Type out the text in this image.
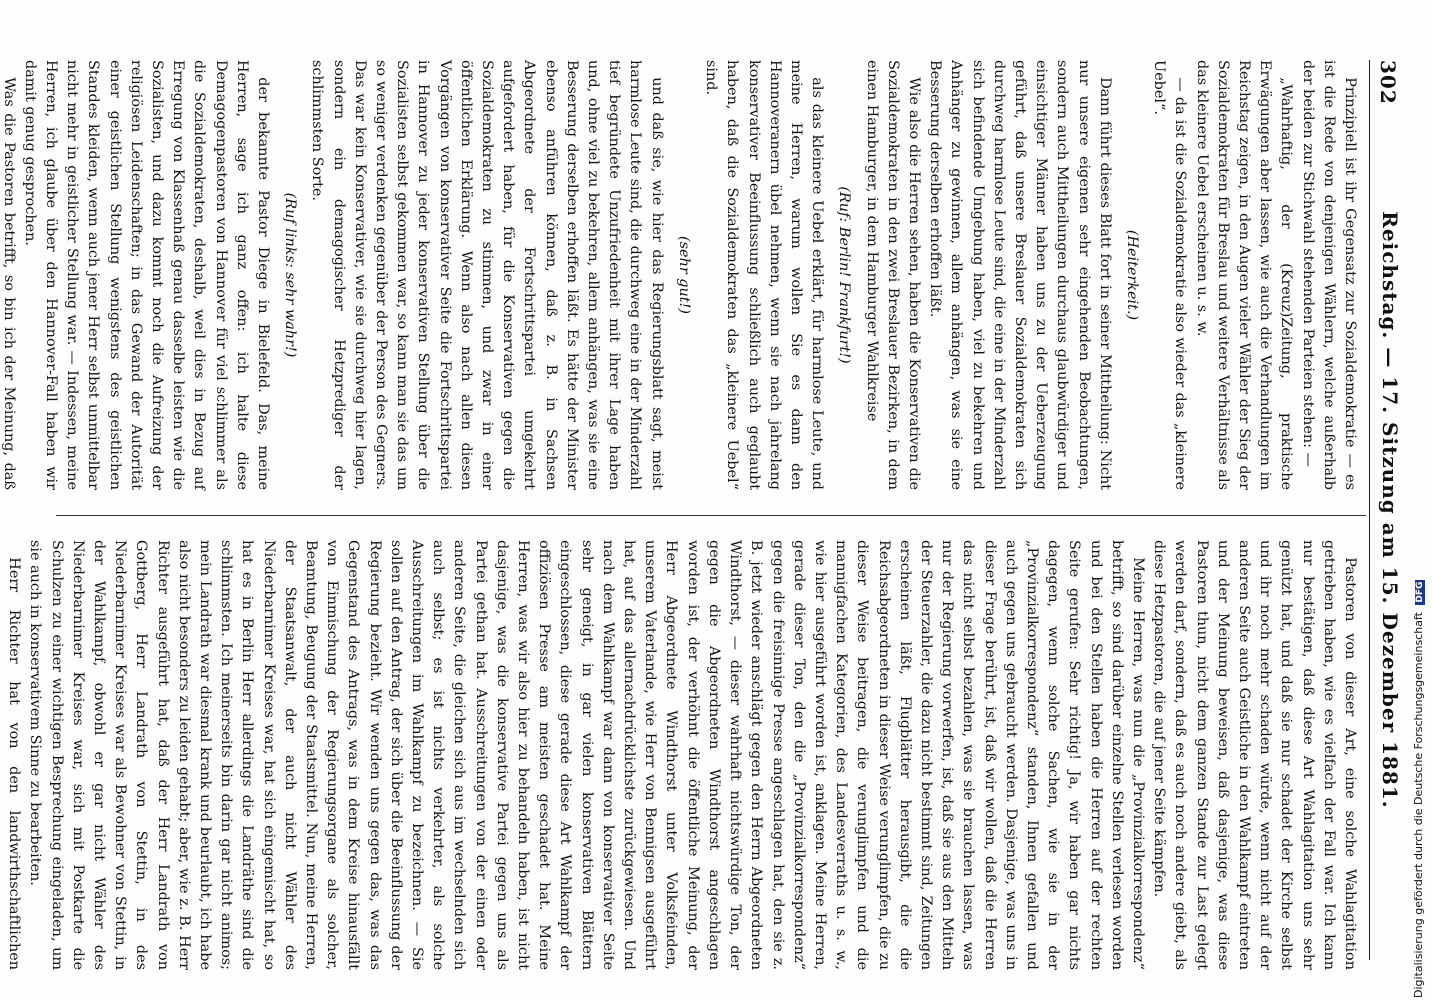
302
Reichstag. — 17. Sitzung am 15. Dezember 1881.

Prinzipiell ist ihr Gegensatz zur Sozialdemokratie — es ist die Rede von denjenigen Wählern, welche außerhalb der beiden zur Stichwahl stehenden Parteien stehen: —

„Wahrhaftig, der (Kreuz)Zeitung, praktische Erwägungen aber lassen, wie auch die Verhandlungen im Reichstag zeigen, in den Augen vieler Wähler der Sieg der Sozialdemokraten für Breslau und weitere Verhältnisse als das kleinere Uebel erscheinen u. s. w.

— da ist die Sozialdemokratie also wieder das „kleinere Uebel“.

(Heiterkeit.)

Dann führt dieses Blatt fort in seiner Mittheilung: Nicht nur unsere eigenen sehr eingehenden Beobachtungen, sondern auch Mittheilungen durchaus glaubwürdiger und einsichtiger Männer haben uns zu der Ueberzeugung geführt, daß unsere Breslauer Sozialdemokraten sich durchweg harmlose Leute sind, die eine in der Minderzahl sich befindende Umgebung haben, viel zu bekehren und Anhänger zu gewinnen, allem anhängen, was sie eine Besserung derselben erhoffen läßt.

Wie also die Herren sehen, haben die Konservativen die Sozialdemokraten in den zwei Breslauer Bezirken, in dem einen Hamburger, in dem Hamburger Wahlkreise

(Ruf: Berlin! Frankfurt!)

als das kleinere Uebel erklärt, für harmlose Leute, und meine Herren, warum wollen Sie es dann den Hannoveranern übel nehmen, wenn sie nach jahrelang konservativer Beeinflussung schließlich auch geglaubt haben, daß die Sozialdemokraten das „kleinere Uebel“ sind.

(sehr gut!)

und daß sie, wie hier das Regierungsblatt sagt, meist harmlose Leute sind, die durchweg eine in der Minderzahl tief begründete Unzufriedenheit mit ihrer Lage haben und, ohne viel zu bekehren, allem anhängen, was sie eine Besserung derselben erhoffen läßt. Es hätte der Minister ebenso anführen können, daß z. B. in Sachsen Abgeordnete der Fortschrittspartei umgekehrt aufgefordert haben, für die Konservativen gegen die Sozialdemokraten zu stimmen, und zwar in einer öffentlichen Erklärung. Wenn also nach allen diesen Vorgängen von konservativer Seite die Fortschrittspartei in Hannover zu jeder konservativen Stellung über die Sozialisten selbst gekommen war, so kann man sie das um so weniger verdenken gegenüber der Person des Gegners. Das war kein Konservativer, wie sie durchweg hier lagen, sondern ein demagogischer Hetzprediger der schlimmsten Sorte.

(Ruf links: sehr wahr!)

der bekannte Pastor Diege in Bielefeld. Das, meine Herren, sage ich ganz offen: ich halte diese Demagogenpastoren von Hannover für viel schlimmer als die Sozialdemokraten, deshalb, weil dies in Bezug auf Erregung von Klassenhaß genau dasselbe leisten wie die Sozialisten, und dazu kommt noch die Aufreizung der religiösen Leidenschaften; in das Gewand der Autorität einer geistlichen Stellung wenigstens des geistlichen Standes kleiden, wenn auch jener Herr selbst unmittelbar nicht mehr in geistlicher Stellung war. — Indessen, meine Herren, ich glaube über den Hannover-Fall haben wir damit genug gesprochen.

Was die Pastoren betrifft, so bin ich der Meinung, daß

Pastoren von dieser Art, eine solche Wahlagitation getrieben haben, wie es vielfach der Fall war. Ich kann nur bestätigen, daß diese Art Wahlagitation uns sehr genützt hat, und daß sie nur schadet der Kirche selbst und ihr noch mehr schaden würde, wenn nicht auf der anderen Seite auch Geistliche in den Wahlkampf eintreten und der Meinung beweisen, daß dasjenige, was diese Pastoren thun, nicht dem ganzen Stande zur Last gelegt werden darf, sondern, daß es auch noch andere giebt, als diese Hetzpastoren, die auf jener Seite kämpfen.

Meine Herren, was nun die „Provinzialkorrespondenz“ betrifft, so sind darüber einzelne Stellen verlesen worden und bei den Stellen haben die Herren auf der rechten Seite gerufen: Sehr richtig! Ja, wir haben gar nichts dagegen, wenn solche Sachen, wie sie in der „Provinzialkorrespondenz“ standen, Ihnen gefallen und auch gegen uns gebraucht werden. Dasjenige, was uns in dieser Frage berührt, ist, daß wir wollen, daß die Herren das nicht selbst bezahlen, was sie brauchen lassen, was nur der Regierung vorwerfen, ist, daß sie aus den Mitteln der Steuerzahler, die dazu nicht bestimmt sind, Zeitungen erscheinen läßt, Flugblätter herausgibt, die die Reichsabgeordneten in dieser Weise verunglimpfen, die zu dieser Weise beitragen, die verunglimpfen und die mannigfachen Kategorien, des Landesverraths u. s. w., wie hier ausgeführt worden ist, anklagen. Meine Herren, gerade dieser Ton, den die „Provinzialkorrespondenz“ gegen die freisinnige Presse angeschlagen hat, den sie z. B. jetzt wieder anschlägt gegen den Herrn Abgeordneten Windthorst, — dieser wahrhaft nichtswürdige Ton, der gegen die Abgeordneten Windthorst angeschlagen worden ist, der verhöhnt die öffentliche Meinung, der Herr Abgeordnete Windthorst unter Volksfeinden, unserem Vaterlande, wie Herr von Bennigsen ausgeführt hat, auf das allernachdrücklichste zurückgewiesen. Und nach dem Wahlkampf war dann von konservativer Seite sehr geneigt, in gar vielen konservativen Blättern eingeschlossen, diese gerade diese Art Wahlkampf der offiziösen Presse am meisten geschadet hat. Meine Herren, was wir also hier zu behandeln haben, ist nicht dasjenige, was die konservative Partei gegen uns als Partei gethan hat. Ausschreitungen von der einen oder anderen Seite, die gleichen sich aus im wechselnden sich auch selbst; es ist nichts verkehrter, als solche Ausschreitungen im Wahlkampf zu bezeichnen. — Sie sollen auf den Antrag, der sich über die Beeinflussung der Regierung bezieht. Wir wenden uns gegen das, was das Gegenstand des Antrags, was in dem Kreise hinausfällt von Einmischung der Regierungsorgane als solcher, Beamtung, Beugung der Staatsmittel. Nun, meine Herren, der Staatsanwalt, der auch nicht Wähler des Niederbarnimer Kreises war, hat sich eingemischt hat, so hat es in Berlin Herr allerdings die Landräthe sind die schlimmsten. Ich meinerseits bin darin gar nicht animos; mein Landrath war diesmal krank und beurlaubt, ich habe also nicht besonders zu leiden gehabt; aber, wie z. B. Herr Richter ausgeführt hat, daß der Herr Landrath von Gottberg, Herr Landrath von Stettin, in des Niederbarnimer Kreises war als Bewohner von Stettin, in der Wahlkampf, obwohl er gar nicht Wähler des Niederbarnimer Kreises war, sich mit Postkarte die Schulzen zu einer wichtigen Besprechung eingeladen, um sie auch in konservativem Sinne zu bearbeiten.

Herr Richter hat von den landwirthschaftlichen	Digitalisierung gefördert durch die Deutsche Forschungsgemeinschaft DFG
